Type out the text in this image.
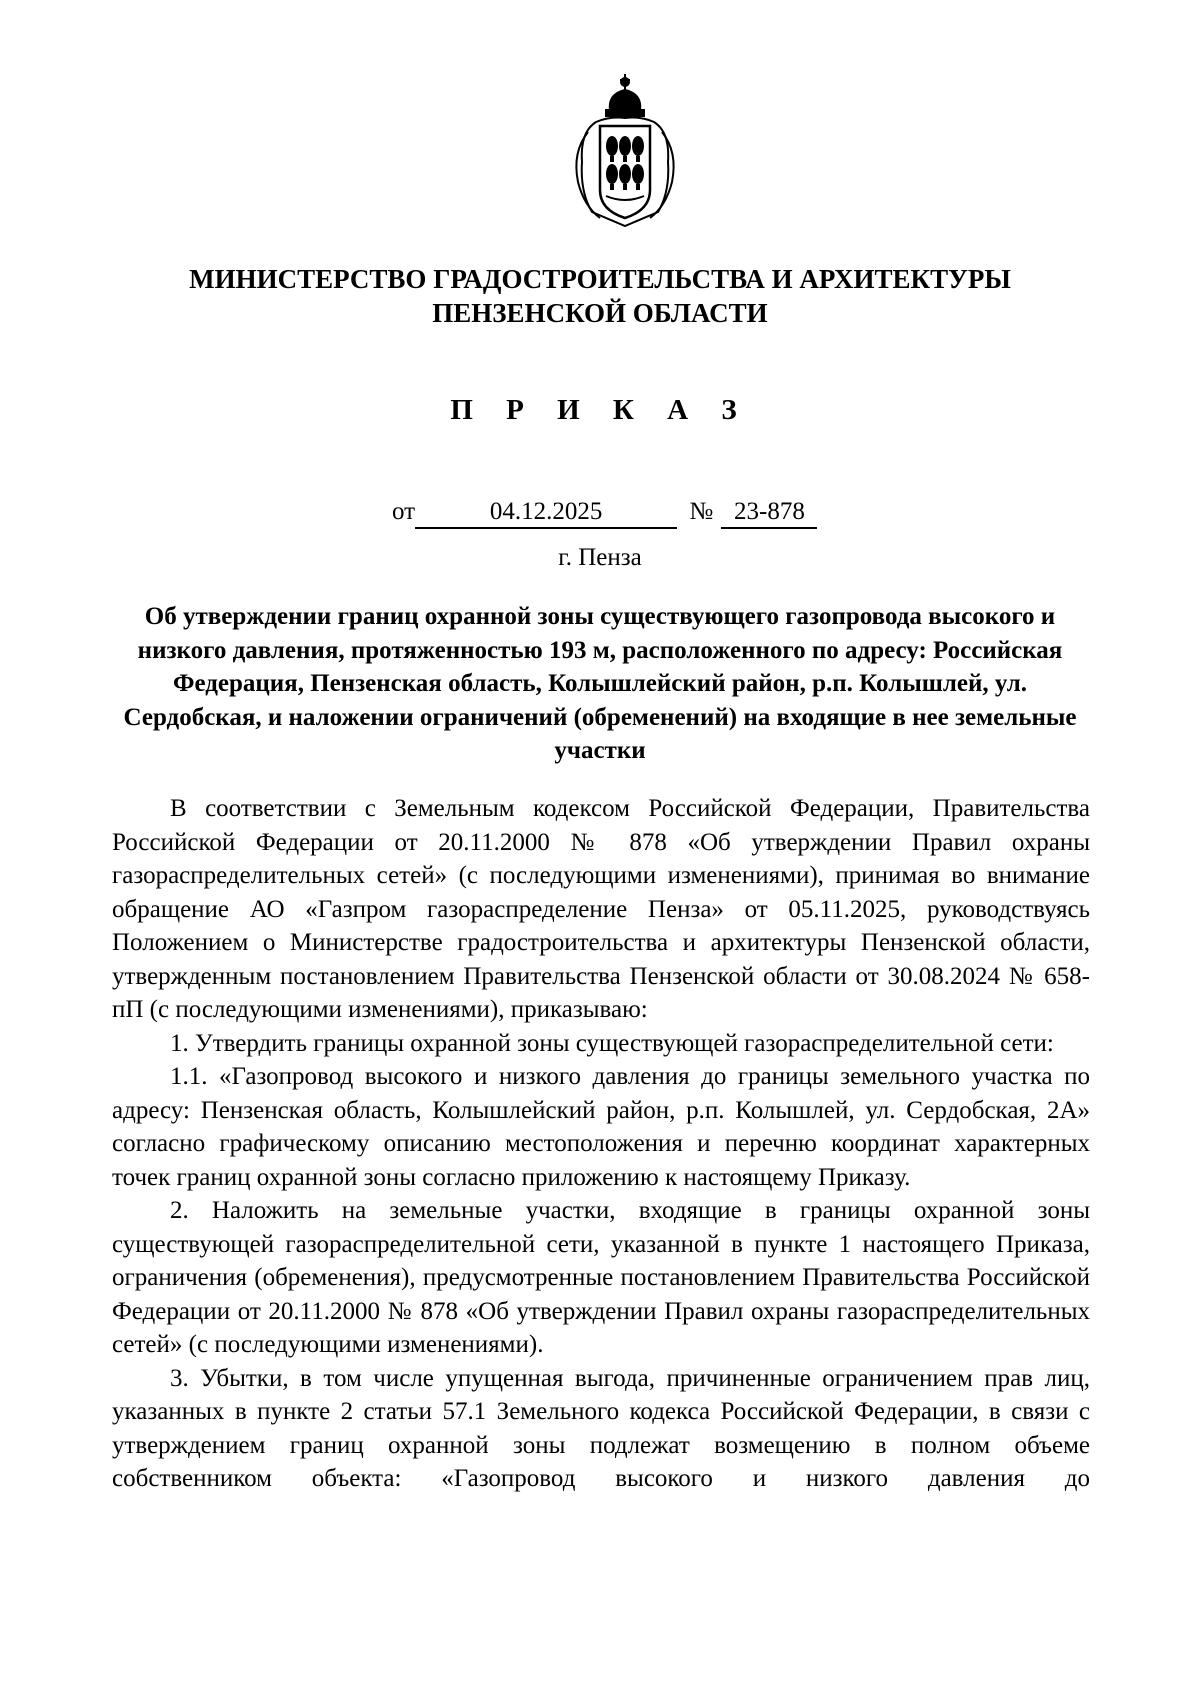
МИНИСТЕРСТВО ГРАДОСТРОИТЕЛЬСТВА И АРХИТЕКТУРЫ
ПЕНЗЕНСКОЙ ОБЛАСТИ
П Р И К А З
от	04.12.2025	№ 23-878
г. Пенза
Об утверждении границ охранной зоны существующего газопровода высокого и низкого давления, протяженностью 193 м, расположенного по адресу: Российская Федерация, Пензенская область, Колышлейский район, р.п. Колышлей, ул. Сердобская, и наложении ограничений (обременений) на входящие в нее земельные участки

В соответствии с Земельным кодексом Российской Федерации, Правительства Российской Федерации от 20.11.2000 № 878 «Об утверждении Правил охраны газораспределительных сетей» (с последующими изменениями), принимая во внимание обращение АО «Газпром газораспределение Пенза» от 05.11.2025, руководствуясь Положением о Министерстве градостроительства и архитектуры Пензенской области, утвержденным постановлением Правительства Пензенской области от 30.08.2024 № 658-пП (с последующими изменениями), приказываю:

1. Утвердить границы охранной зоны существующей газораспределительной сети:

1.1. «Газопровод высокого и низкого давления до границы земельного участка по адресу: Пензенская область, Колышлейский район, р.п. Колышлей, ул. Сердобская, 2А» согласно графическому описанию местоположения и перечню координат характерных точек границ охранной зоны согласно приложению к настоящему Приказу.

2. Наложить на земельные участки, входящие в границы охранной зоны существующей газораспределительной сети, указанной в пункте 1 настоящего Приказа, ограничения (обременения), предусмотренные постановлением Правительства Российской Федерации от 20.11.2000 № 878 «Об утверждении Правил охраны газораспределительных сетей» (с последующими изменениями).

3. Убытки, в том числе упущенная выгода, причиненные ограничением прав лиц, указанных в пункте 2 статьи 57.1 Земельного кодекса Российской Федерации, в связи с утверждением границ охранной зоны подлежат возмещению в полном объеме собственником объекта: «Газопровод высокого и низкого давления до
